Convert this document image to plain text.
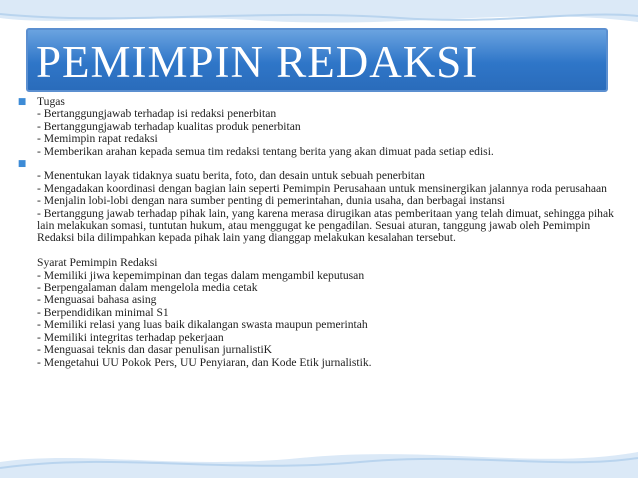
PEMIMPIN REDAKSI
■ Tugas
- Bertanggungjawab terhadap isi redaksi penerbitan
- Bertanggungjawab terhadap kualitas produk penerbitan
- Memimpin rapat redaksi
- Memberikan arahan kepada semua tim redaksi tentang berita yang akan dimuat pada setiap edisi.
■
- Menentukan layak tidaknya suatu berita, foto, dan desain untuk sebuah penerbitan
- Mengadakan koordinasi dengan bagian lain seperti Pemimpin Perusahaan untuk mensinergikan jalannya roda perusahaan
- Menjalin lobi-lobi dengan nara sumber penting di pemerintahan, dunia usaha, dan berbagai instansi
- Bertanggung jawab terhadap pihak lain, yang karena merasa dirugikan atas pemberitaan yang telah dimuat, sehingga pihak lain melakukan somasi, tuntutan hukum, atau menggugat ke pengadilan. Sesuai aturan, tanggung jawab oleh Pemimpin Redaksi bila dilimpahkan kepada pihak lain yang dianggap melakukan kesalahan tersebut.
Syarat Pemimpin Redaksi
- Memiliki jiwa kepemimpinan dan tegas dalam mengambil keputusan
- Berpengalaman dalam mengelola media cetak
- Menguasai bahasa asing
- Berpendidikan minimal S1
- Memiliki relasi yang luas baik dikalangan swasta maupun pemerintah
- Memiliki integritas terhadap pekerjaan
- Menguasai teknis dan dasar penulisan jurnalistiK
- Mengetahui UU Pokok Pers, UU Penyiaran, dan Kode Etik jurnalistik.
